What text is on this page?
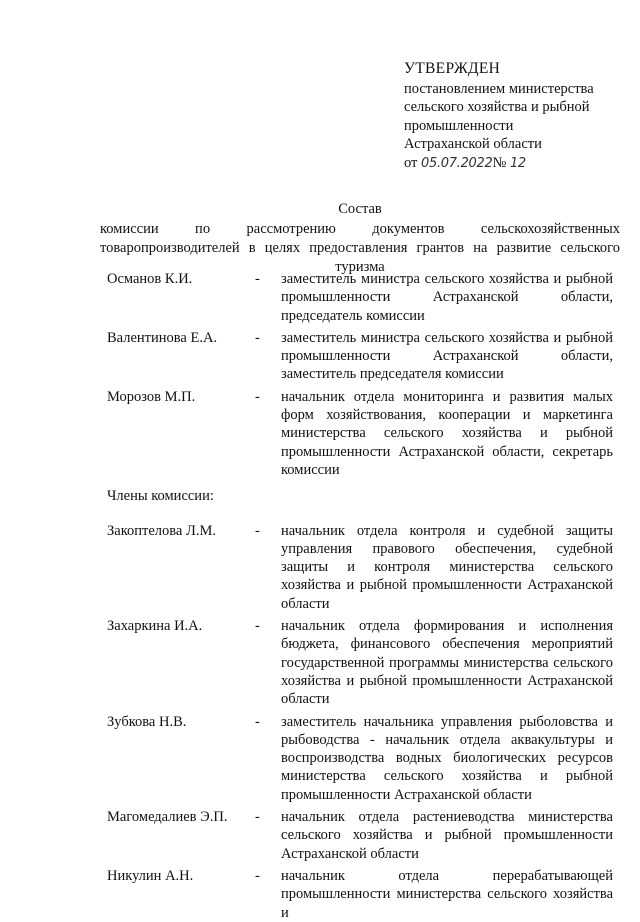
УТВЕРЖДЕН
постановлением министерства
сельского хозяйства и рыбной
промышленности
Астраханской области
от 05.07.2022№ 12
Состав
комиссии по рассмотрению документов сельскохозяйственных товаропроизводителей в целях предоставления грантов на развитие сельского туризма
Османов К.И.	-	заместитель министра сельского хозяйства и рыбной промышленности Астраханской области, председатель комиссии
Валентинова Е.А.	-	заместитель министра сельского хозяйства и рыбной промышленности Астраханской области, заместитель председателя комиссии
Морозов М.П.	-	начальник отдела мониторинга и развития малых форм хозяйствования, кооперации и маркетинга министерства сельского хозяйства и рыбной промышленности Астраханской области, секретарь комиссии
Члены комиссии:
Закоптелова Л.М.	-	начальник отдела контроля и судебной защиты управления правового обеспечения, судебной защиты и контроля министерства сельского хозяйства и рыбной промышленности Астраханской области
Захаркина И.А.	-	начальник отдела формирования и исполнения бюджета, финансового обеспечения мероприятий государственной программы министерства сельского хозяйства и рыбной промышленности Астраханской области
Зубкова Н.В.	-	заместитель начальника управления рыболовства и рыбоводства - начальник отдела аквакультуры и воспроизводства водных биологических ресурсов министерства сельского хозяйства и рыбной промышленности Астраханской области
Магомедалиев Э.П.	-	начальник отдела растениеводства министерства сельского хозяйства и рыбной промышленности Астраханской области
Никулин А.Н.	-	начальник отдела перерабатывающей промышленности министерства сельского хозяйства и
